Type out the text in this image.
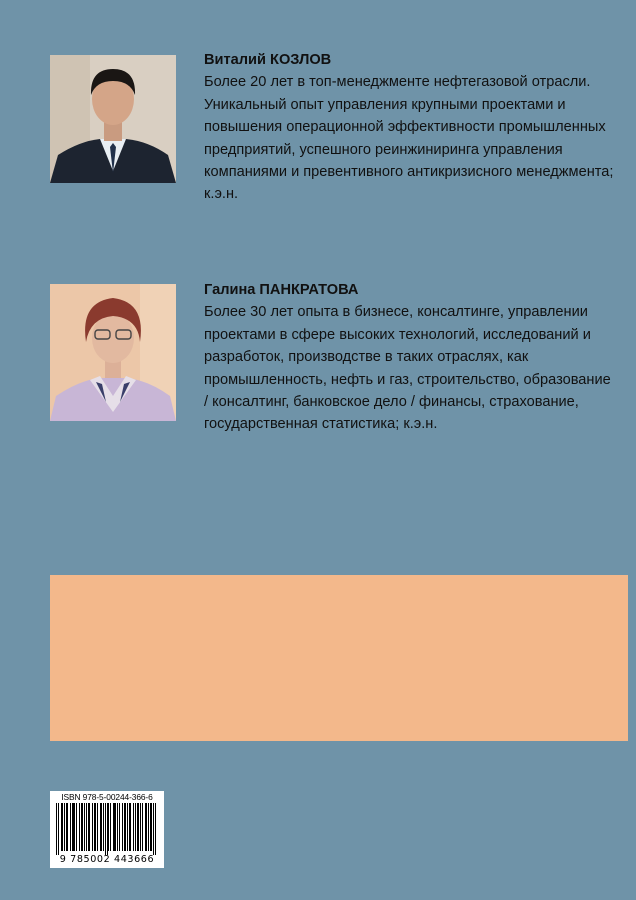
Виталий КОЗЛОВ

Более 20 лет в топ-менеджменте нефтегазовой отрасли. Уникальный опыт управления крупными проектами и повышения операционной эффективности промышленных предприятий, успешного реинжиниринга управления компаниями и превентивного антикризисного менеджмента; к.э.н.

Галина ПАНКРАТОВА

Более 30 лет опыта в бизнесе, консалтинге, управлении проектами в сфере высоких технологий, исследований и разработок, производстве в таких отраслях, как промышленность, нефть и газ, строительство, образование / консалтинг, банковское дело / финансы, страхование, государственная статистика; к.э.н.

ISBN 978-5-00244-366-6
9 785002 443666
